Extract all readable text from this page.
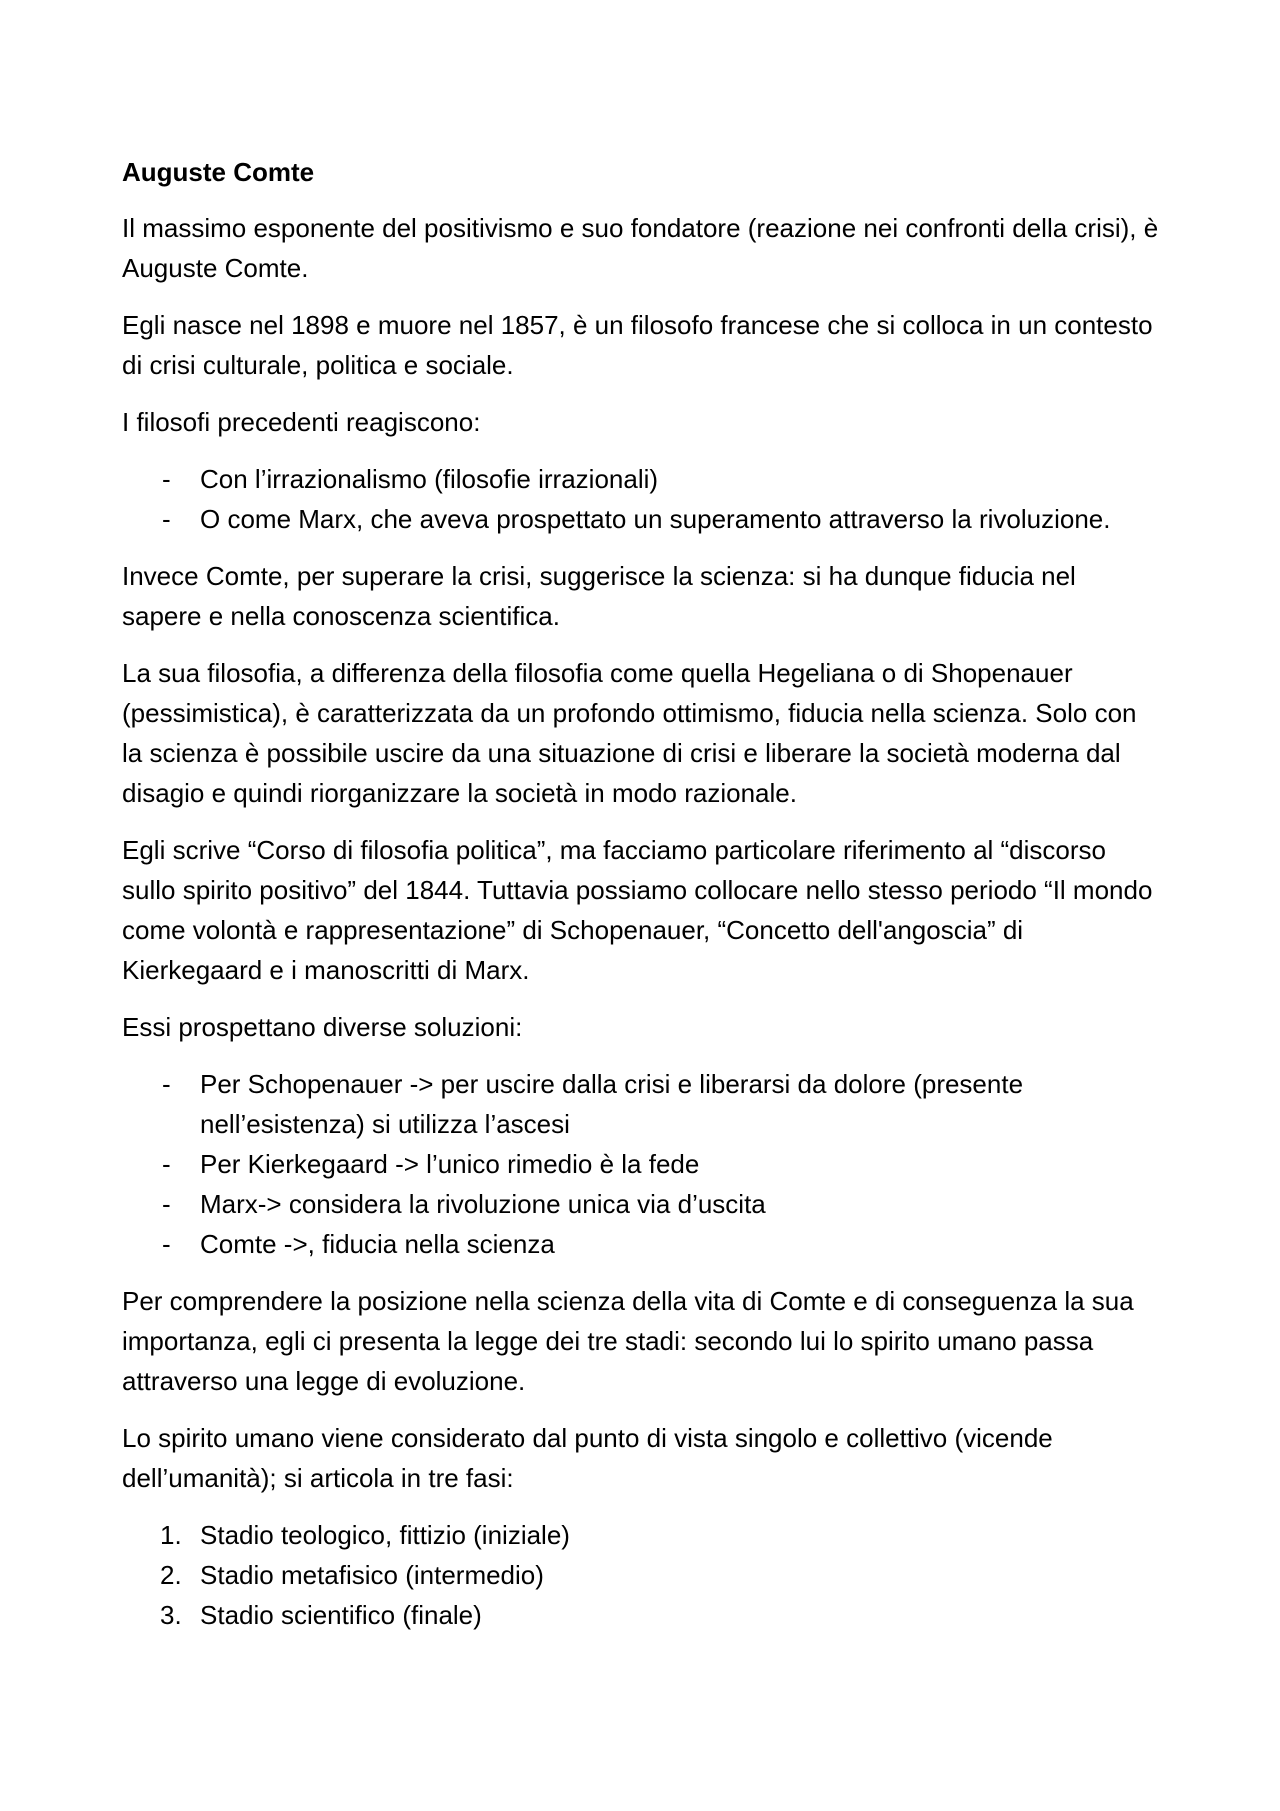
Auguste Comte

Il massimo esponente del positivismo e suo fondatore (reazione nei confronti della crisi), è Auguste Comte.

Egli nasce nel 1898 e muore nel 1857, è un filosofo francese che si colloca in un contesto di crisi culturale, politica e sociale.

I filosofi precedenti reagiscono:

- Con l’irrazionalismo (filosofie irrazionali)
- O come Marx, che aveva prospettato un superamento attraverso la rivoluzione.

Invece Comte, per superare la crisi, suggerisce la scienza: si ha dunque fiducia nel sapere e nella conoscenza scientifica.

La sua filosofia, a differenza della filosofia come quella Hegeliana o di Shopenauer (pessimistica), è caratterizzata da un profondo ottimismo, fiducia nella scienza. Solo con la scienza è possibile uscire da una situazione di crisi e liberare la società moderna dal disagio e quindi riorganizzare la società in modo razionale.

Egli scrive “Corso di filosofia politica”, ma facciamo particolare riferimento al “discorso sullo spirito positivo” del 1844. Tuttavia possiamo collocare nello stesso periodo “Il mondo come volontà e rappresentazione” di Schopenauer, “Concetto dell'angoscia” di Kierkegaard e i manoscritti di Marx.

Essi prospettano diverse soluzioni:

- Per Schopenauer -> per uscire dalla crisi e liberarsi da dolore (presente nell’esistenza) si utilizza l’ascesi
- Per Kierkegaard -> l’unico rimedio è la fede
- Marx-> considera la rivoluzione unica via d’uscita
- Comte ->, fiducia nella scienza

Per comprendere la posizione nella scienza della vita di Comte e di conseguenza la sua importanza, egli ci presenta la legge dei tre stadi: secondo lui lo spirito umano passa attraverso una legge di evoluzione.

Lo spirito umano viene considerato dal punto di vista singolo e collettivo (vicende dell’umanità); si articola in tre fasi:

1. Stadio teologico, fittizio (iniziale)
2. Stadio metafisico (intermedio)
3. Stadio scientifico (finale)
